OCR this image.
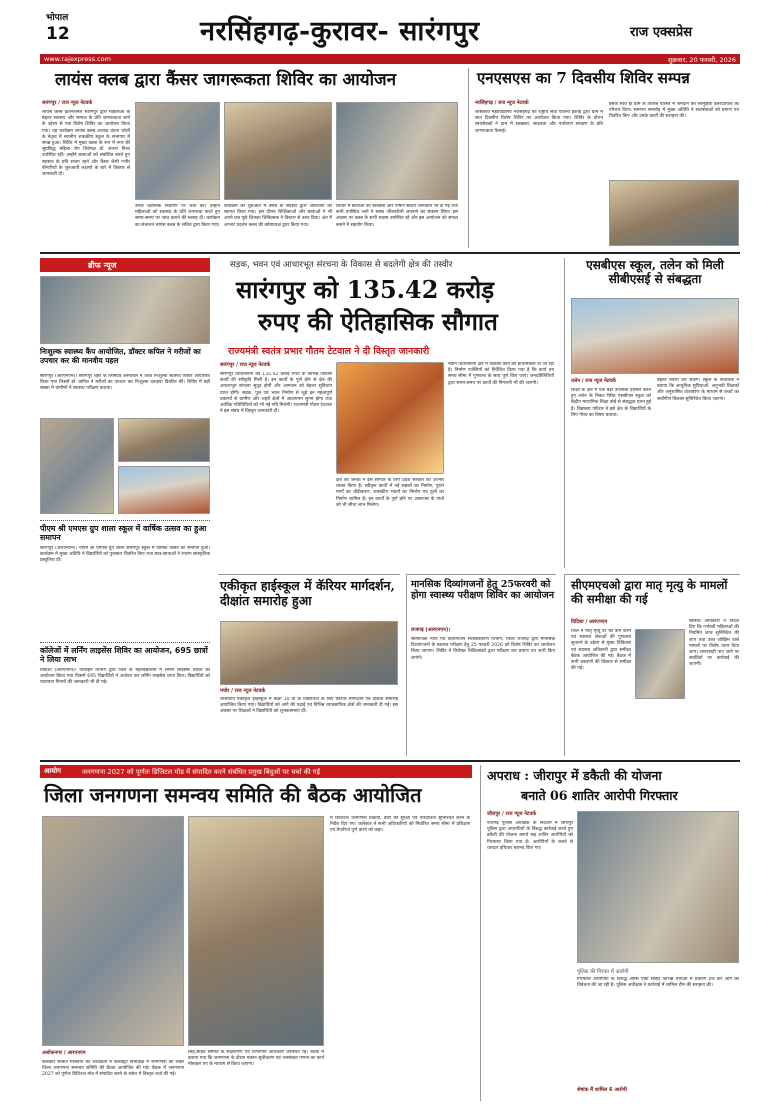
भोपाल
12	नरसिंहगढ़-कुरावर- सारंगपुर	राज एक्सप्रेस
www.rajexpress.com	शुक्रवार, 20 फरवरी, 2026
लायंस क्लब द्वारा कैंसर जागरूकता शिविर का आयोजन
सारंगपुर / राज न्यूज नेटवर्क
लायंस क्लब इंटरनेशनल सारंगपुर द्वारा महिलाओं के बेहतर स्वास्थ्य और समाज के प्रति जागरूकता लाने के उद्देश्य से एक विशेष शिविर का आयोजन किया गया। यह कार्यक्रम लायंस क्लब अध्यक्ष वंदना जोशी के नेतृत्व में स्थानीय शासकीय स्कूल के सभागार में संपन्न हुआ। शिविर में मुख्य वक्ता के रूप में नगर की सुप्रसिद्ध महिला रोग विशेषज्ञ डॉ. सपना मिश्रा उपस्थित रहीं। उन्होंने छात्राओं को संबोधित करते हुए स्वास्थ्य के प्रति सजग रहने और कैंसर जैसी गंभीर बीमारियों के शुरुआती लक्षणों के बारे में विस्तार से जानकारी दी।
उनके वैज्ञानिक निवारण पर चर्चा की। उन्होंने महिलाओं को स्वास्थ्य के प्रति जागरूक करते हुए समय-समय पर जांच कराने की सलाह दी। कार्यक्रम का संचालन लायंस क्लब के सचिव द्वारा किया गया।
कार्यक्रम की शुरुआत में क्लब के सदस्यों द्वारा अतिथियों का स्वागत किया गया। इस दौरान शिक्षिकाओं और छात्राओं ने भी अपने प्रश्न पूछे जिनका चिकित्सक ने विस्तार से उत्तर दिया। अंत में आभार प्रदर्शन क्लब की कोषाध्यक्ष द्वारा किया गया।
शिविर में छात्राओं को स्वच्छता और पोषण संबंधी जानकारी भी दी गई तथा सभी उपस्थित जनों ने स्वस्थ जीवनशैली अपनाने का संकल्प लिया। इस अवसर पर क्लब के सभी सदस्य उपस्थित रहे और इस आयोजन को सफल बनाने में सहयोग किया।
एनएसएस का 7 दिवसीय शिविर सम्पन्न
नरसिंहगढ़ / राज न्यूज नेटवर्क
शासकीय महाविद्यालय नरसिंहगढ़ की राष्ट्रीय सेवा योजना इकाई द्वारा ग्राम में सात दिवसीय विशेष शिविर का आयोजन किया गया। शिविर के दौरान स्वयंसेवकों ने ग्राम में स्वच्छता, साक्षरता और पर्यावरण संरक्षण के प्रति जागरूकता फैलाई।
इसके साथ ही ग्राम के तालाब परिसर में श्रमदान कर सामूहिक उत्तरदायित्व का परिचय दिया। समापन समारोह में मुख्य अतिथि ने स्वयंसेवकों को प्रमाण पत्र वितरित किए और उनके कार्यों की सराहना की।
ब्रीफ न्यूज
निःशुल्क स्वास्थ्य कैंप आयोजित, डॉक्टर कपिल ने मरीजों का उपचार कर की मानवीय पहल
सारंगपुर (आरएनएन)। सारंगपुर शहर के लिमिटेड अस्पताल में आज निःशुल्क स्वास्थ्य शिविर आयोजित किया गया जिसमें डॉ. कपिल ने मरीजों का उपचार कर निःशुल्क दवाइयां वितरित कीं। शिविर में बड़ी संख्या में ग्रामीणों ने स्वास्थ्य परीक्षण कराया।
पीएम श्री एमएस ग्रुप शाला स्कूल में वार्षिक उत्सव का हुआ समापन
सारंगपुर (आरएनएन)। पीएम श्री एमएस ग्रुप शाला सारंगपुर स्कूल में वार्षिक उत्सव का समापन हुआ। कार्यक्रम में मुख्य अतिथि ने विद्यार्थियों को पुरस्कार वितरित किए तथा छात्र-छात्राओं ने रंगारंग सांस्कृतिक प्रस्तुतियां दीं।
कॉलेजों में लर्निंग लाइसेंस शिविर का आयोजन, 695 छात्रों ने लिया लाभ
विदिशा (आरएनएन)। परिवहन विभाग द्वारा जिले के महाविद्यालयों में लर्निंग लाइसेंस शिविर का आयोजन किया गया जिसमें 695 विद्यार्थियों ने आवेदन कर लर्निंग लाइसेंस प्राप्त किए। विद्यार्थियों को यातायात नियमों की जानकारी भी दी गई।
सड़क, भवन एवं आधारभूत संरचना के विकास से बदलेगी क्षेत्र की तस्वीर
सारंगपुर को 135.42 करोड़
रुपए की ऐतिहासिक सौगात
राज्यमंत्री स्वतंत्र प्रभार गौतम टेटवाल ने दी विस्तृत जानकारी
सारंगपुर / राज न्यूज नेटवर्क
सारंगपुर विधानसभा को 135.42 करोड़ रुपये के विभिन्न विकास कार्यों की स्वीकृति मिली है। इन कार्यों के पूर्ण होने से क्षेत्र की आधारभूत संरचना सुदृढ़ होगी और आमजन को बेहतर सुविधाएं प्राप्त होंगी। सड़क, पुल एवं भवन निर्माण से जुड़े इन महत्वपूर्ण प्रकल्पों से ग्रामीण और शहरी क्षेत्रों में आवागमन सुगम होगा तथा आर्थिक गतिविधियों को भी नई गति मिलेगी। राज्यमंत्री गौतम टेटवाल ने इस संबंध में विस्तृत जानकारी दी।
क्षेत्र की जनता ने इस सौगात के लिए प्रदेश सरकार का आभार व्यक्त किया है। स्वीकृत कार्यों में नई सड़कों का निर्माण, पुराने मार्गों का चौड़ीकरण, शासकीय भवनों का निर्माण एवं पुलों का निर्माण शामिल है। इन कार्यों के पूर्ण होने पर आसपास के गांवों को भी सीधा लाभ मिलेगा।
नवीन विधानसभा क्षेत्र में विकास कार्य को प्राथमिकता दी जा रही है। निर्माण एजेंसियों को निर्देशित किया गया है कि कार्य तय समय सीमा में गुणवत्ता के साथ पूर्ण किए जाएं। जनप्रतिनिधियों द्वारा समय-समय पर कार्यों की निगरानी भी की जाएगी।
एसबीएस स्कूल, तलेन को मिली सीबीएसई से संबद्धता
तलेन / राज न्यूज नेटवर्क
शिक्षा के क्षेत्र में एक बड़ी उपलब्धि हासिल करते हुए तलेन के निकट स्थित एसबीएस स्कूल को केंद्रीय माध्यमिक शिक्षा बोर्ड से संबद्धता प्राप्त हुई है। विद्यालय परिवार ने इसे क्षेत्र के विद्यार्थियों के लिए गौरव का विषय बताया।
बेहतर तैयारी कर सकेंगे। स्कूल के संचालक ने बताया कि आधुनिक सुविधाओं, अनुभवी शिक्षकों और अनुशासित वातावरण के माध्यम से बच्चों का सर्वांगीण विकास सुनिश्चित किया जाएगा।
एकीकृत हाईस्कूल में कॅरियर मार्गदर्शन, दीक्षांत समारोह हुआ
पचोर / राज न्यूज नेटवर्क
शासकीय एकीकृत हाईस्कूल में कक्षा 10 वीं के विद्यार्थियों के लिए कॅरियर मार्गदर्शन एवं दीक्षांत समारोह आयोजित किया गया। विद्यार्थियों को आगे की पढ़ाई एवं विभिन्न व्यावसायिक क्षेत्रों की जानकारी दी गई। इस अवसर पर शिक्षकों ने विद्यार्थियों को शुभकामनाएं दीं।
मानसिक दिव्यांगजनों हेतु 25फरवरी को होगा स्वास्थ्य परीक्षण शिविर का आयोजन
राजगढ़ (आरएनएन)।
सामाजिक न्याय एवं दिव्यांगजन सशक्तिकरण विभाग, जिला राजगढ़ द्वारा मानसिक दिव्यांगजनों के स्वास्थ्य परीक्षण हेतु 25 फरवरी 2026 को विशेष शिविर का आयोजन किया जाएगा। शिविर में विशेषज्ञ चिकित्सकों द्वारा परीक्षण कर प्रमाण पत्र जारी किए जाएंगे।
सीएमएचओ द्वारा मातृ मृत्यु के मामलों की समीक्षा की गई
विदिशा / आरएनएन
जिले में मातृ मृत्यु दर को कम करने एवं स्वास्थ्य सेवाओं की गुणवत्ता सुधारने के उद्देश्य से मुख्य चिकित्सा एवं स्वास्थ्य अधिकारी द्वारा समीक्षा बैठक आयोजित की गई। बैठक में सभी प्रकरणों की विस्तार से समीक्षा की गई।
स्वास्थ्य अधिकारी ने निर्देश दिए कि गर्भवती महिलाओं की नियमित जांच सुनिश्चित की जाए तथा उच्च जोखिम वाले मामलों पर विशेष ध्यान दिया जाए। लापरवाही पाए जाने पर संबंधितों पर कार्रवाई की जाएगी।
आयोग	जनगणना 2027 को पूर्णतः डिजिटल मोड में संपादित करने संबंधित प्रमुख बिंदुओं पर चर्चा की गई
जिला जनगणना समन्वय समिति की बैठक आयोजित
मे डिजिटल जनगणना प्रक्रिया, डाटा की सुरक्षा एवं पारदर्शिता सुनिश्चित करने के निर्देश दिए गए। कलेक्टर ने सभी अधिकारियों को निर्धारित समय सीमा में प्रशिक्षण एवं तैयारियां पूर्ण करने को कहा।
अशोकनगर / आरएनएन
कलेक्टर साकेत मालवीय की अध्यक्षता में कलेक्ट्रेट सभाकक्ष में जनगणना को लेकर जिला जनगणना समन्वय समिति की बैठक आयोजित की गई। बैठक में जनगणना 2027 को पूर्णतः डिजिटल मोड में संपादित करने के संबंध में विस्तृत चर्चा की गई।
सिंह,सहित समिति के सदस्यगण एवं विभागीय अधिकारी उपस्थित रहे। बैठक में बताया गया कि जनगणना के दौरान मकान सूचीकरण एवं जनसंख्या गणना का कार्य मोबाइल एप के माध्यम से किया जाएगा।
अपराध : जीरापुर में डकैती की योजना
बनाते 06 शातिर आरोपी गिरफ्तार
जीरापुर / राज न्यूज नेटवर्क
राजगढ़ पुलिस अधीक्षक के निर्देशन में जीरापुर पुलिस द्वारा अपराधियों के विरुद्ध कार्रवाई करते हुए डकैती की योजना बनाते छह शातिर आरोपियों को गिरफ्तार किया गया है। आरोपियों के कब्जे से धारदार हथियार बरामद किए गए।
पुलिस की गिरफ्त में आरोपी
गिरफ्तार आरोपियों के विरुद्ध आर्म्स एक्ट सहित विभिन्न धाराओं में प्रकरण दर्ज कर आगे की विवेचना की जा रही है। पुलिस अधीक्षक ने कार्रवाई में शामिल टीम की सराहना की।
शेषांक मैं शामिल 6 आरोपी
